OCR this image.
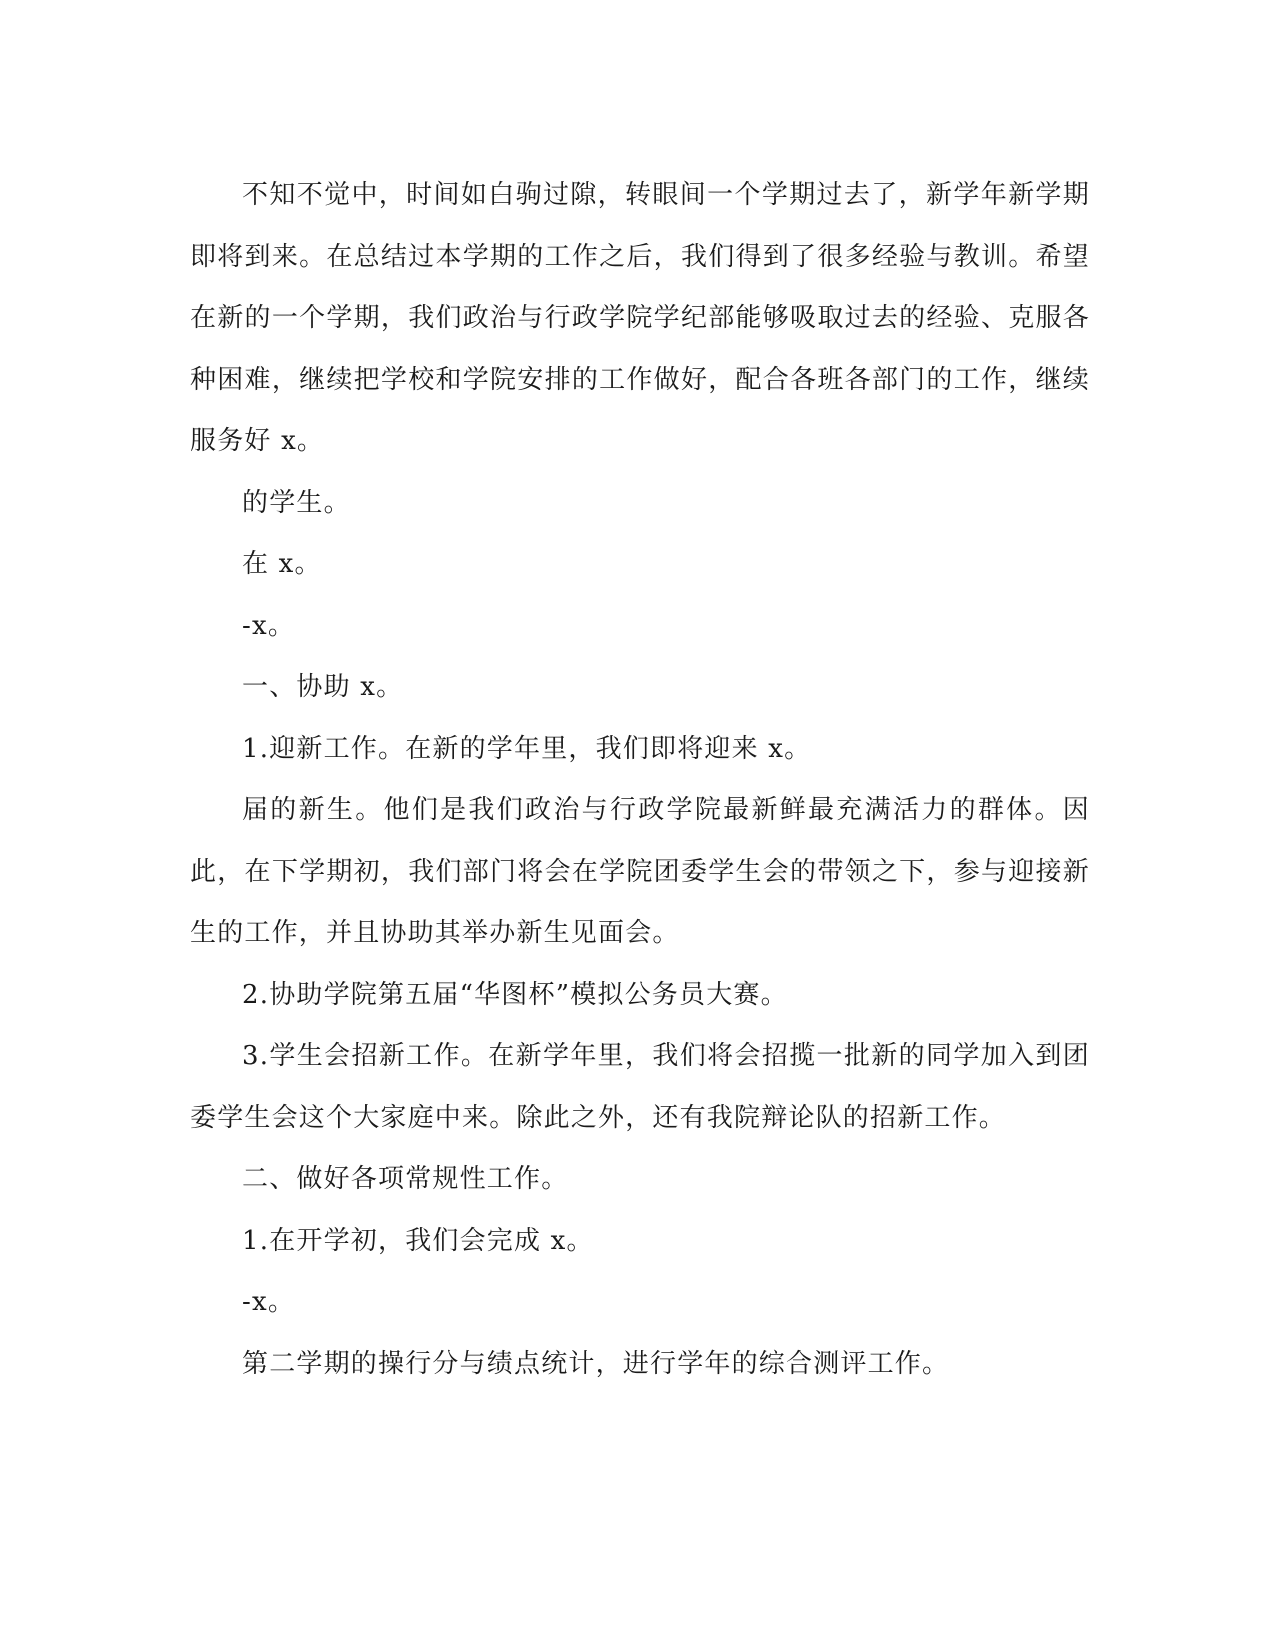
不知不觉中，时间如白驹过隙，转眼间一个学期过去了，新学年新学期即将到来。在总结过本学期的工作之后，我们得到了很多经验与教训。希望在新的一个学期，我们政治与行政学院学纪部能够吸取过去的经验、克服各种困难，继续把学校和学院安排的工作做好，配合各班各部门的工作，继续服务好 x。

的学生。

在 x。

-x。

一、协助 x。

1.迎新工作。在新的学年里，我们即将迎来 x。

届的新生。他们是我们政治与行政学院最新鲜最充满活力的群体。因此，在下学期初，我们部门将会在学院团委学生会的带领之下，参与迎接新生的工作，并且协助其举办新生见面会。

2.协助学院第五届“华图杯”模拟公务员大赛。

3.学生会招新工作。在新学年里，我们将会招揽一批新的同学加入到团委学生会这个大家庭中来。除此之外，还有我院辩论队的招新工作。

二、做好各项常规性工作。

1.在开学初，我们会完成 x。

-x。

第二学期的操行分与绩点统计，进行学年的综合测评工作。
